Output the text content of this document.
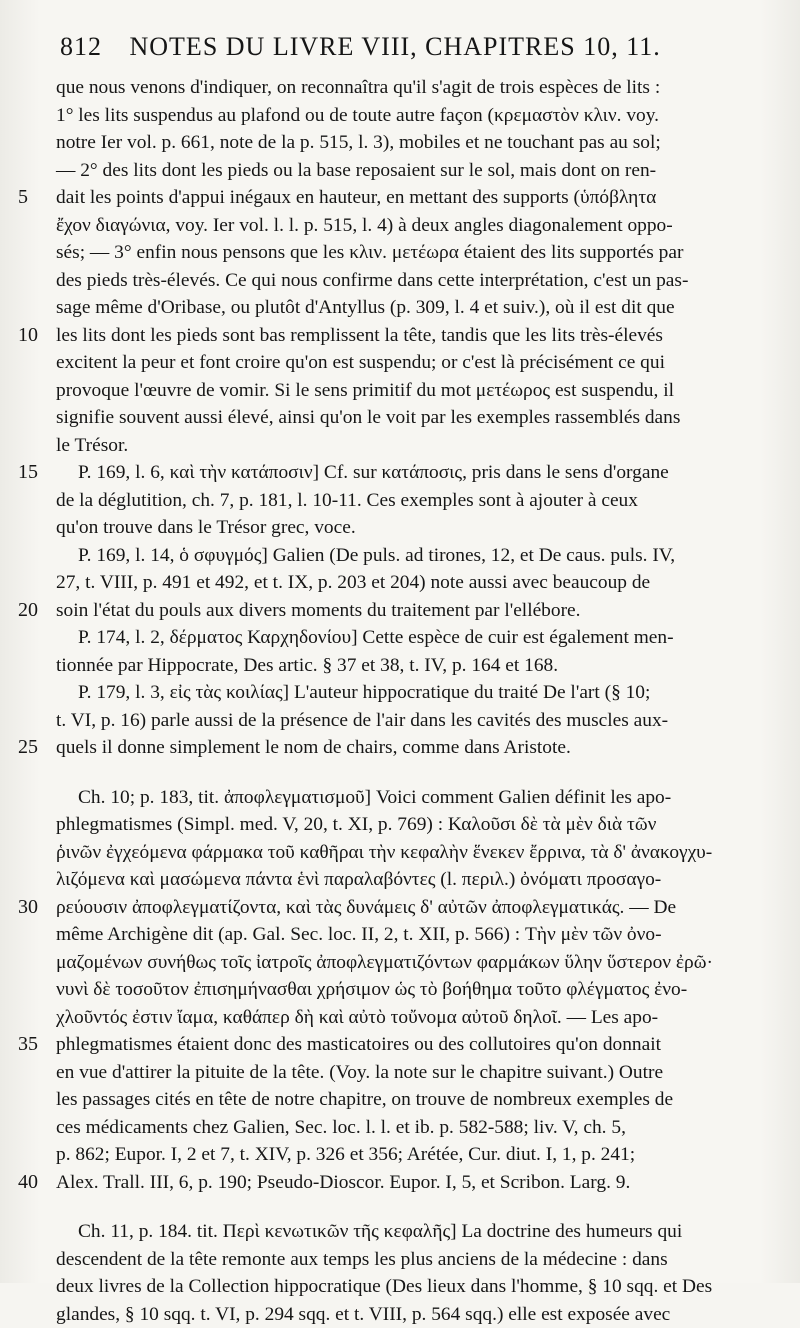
812 NOTES DU LIVRE VIII, CHAPITRES 10, 11.
que nous venons d'indiquer, on reconnaîtra qu'il s'agit de trois espèces de lits :
1° les lits suspendus au plafond ou de toute autre façon (κρεμαστὸν κλιν. voy.
notre Ier vol. p. 661, note de la p. 515, l. 3), mobiles et ne touchant pas au sol;
— 2° des lits dont les pieds ou la base reposaient sur le sol, mais dont on ren-
5	dait les points d'appui inégaux en hauteur, en mettant des supports (ὑπόβλητα
ἔχον διαγώνια, voy. Ier vol. l. l. p. 515, l. 4) à deux angles diagonalement oppo-
sés; — 3° enfin nous pensons que les κλιν. μετέωρα étaient des lits supportés par
des pieds très-élevés. Ce qui nous confirme dans cette interprétation, c'est un pas-
sage même d'Oribase, ou plutôt d'Antyllus (p. 309, l. 4 et suiv.), où il est dit que
10 les lits dont les pieds sont bas remplissent la tête, tandis que les lits très-élevés
excitent la peur et font croire qu'on est suspendu; or c'est là précisément ce qui
provoque l'œuvre de vomir. Si le sens primitif du mot μετέωρος est suspendu, il
signifie souvent aussi élevé, ainsi qu'on le voit par les exemples rassemblés dans
le Trésor.
15	P. 169, l. 6, καὶ τὴν κατάποσιν] Cf. sur κατάποσις, pris dans le sens d'organe
de la déglutition, ch. 7, p. 181, l. 10-11. Ces exemples sont à ajouter à ceux
qu'on trouve dans le Trésor grec, voce.
P. 169, l. 14, ὁ σφυγμός] Galien (De puls. ad tirones, 12, et De caus. puls. IV,
27, t. VIII, p. 491 et 492, et t. IX, p. 203 et 204) note aussi avec beaucoup de
20 soin l'état du pouls aux divers moments du traitement par l'ellébore.
P. 174, l. 2, δέρματος Καρχηδονίου] Cette espèce de cuir est également men-
tionnée par Hippocrate, Des artic. § 37 et 38, t. IV, p. 164 et 168.
P. 179, l. 3, εἰς τὰς κοιλίας] L'auteur hippocratique du traité De l'art (§ 10;
t. VI, p. 16) parle aussi de la présence de l'air dans les cavités des muscles aux-
25 quels il donne simplement le nom de chairs, comme dans Aristote.
Ch. 10; p. 183, tit. ἀποφλεγματισμοῦ] Voici comment Galien définit les apo-
phlegmatismes (Simpl. med. V, 20, t. XI, p. 769) : Καλοῦσι δὲ τὰ μὲν διὰ τῶν
ῥινῶν ἐγχεόμενα φάρμακα τοῦ καθῆραι τὴν κεφαλὴν ἕνεκεν ἔρρινα, τὰ δ' ἀνακογχυ-
λιζόμενα καὶ μασώμενα πάντα ἑνὶ παραλαβόντες (l. περιλ.) ὀνόματι προσαγο-
30 ρεύουσιν ἀποφλεγματίζοντα, καὶ τὰς δυνάμεις δ' αὐτῶν ἀποφλεγματικάς. — De
même Archigène dit (ap. Gal. Sec. loc. II, 2, t. XII, p. 566) : Τὴν μὲν τῶν ὀνο-
μαζομένων συνήθως τοῖς ἰατροῖς ἀποφλεγματιζόντων φαρμάκων ὕλην ὕστερον ἐρῶ·
νυνὶ δὲ τοσοῦτον ἐπισημήνασθαι χρήσιμον ὡς τὸ βοήθημα τοῦτο φλέγματος ἐνο-
χλοῦντός ἐστιν ἴαμα, καθάπερ δὴ καὶ αὐτὸ τοὔνομα αὐτοῦ δηλοῖ. — Les apo-
35 phlegmatismes étaient donc des masticatoires ou des collutoires qu'on donnait
en vue d'attirer la pituite de la tête. (Voy. la note sur le chapitre suivant.) Outre
les passages cités en tête de notre chapitre, on trouve de nombreux exemples de
ces médicaments chez Galien, Sec. loc. l. l. et ib. p. 582-588; liv. V, ch. 5,
p. 862; Eupor. I, 2 et 7, t. XIV, p. 326 et 356; Arétée, Cur. diut. I, 1, p. 241;
40 Alex. Trall. III, 6, p. 190; Pseudo-Dioscor. Eupor. I, 5, et Scribon. Larg. 9.
Ch. 11, p. 184. tit. Περὶ κενωτικῶν τῆς κεφαλῆς] La doctrine des humeurs qui
descendent de la tête remonte aux temps les plus anciens de la médecine : dans
deux livres de la Collection hippocratique (Des lieux dans l'homme, § 10 sqq. et Des
glandes, § 10 sqq. t. VI, p. 294 sqq. et t. VIII, p. 564 sqq.) elle est exposée avec
